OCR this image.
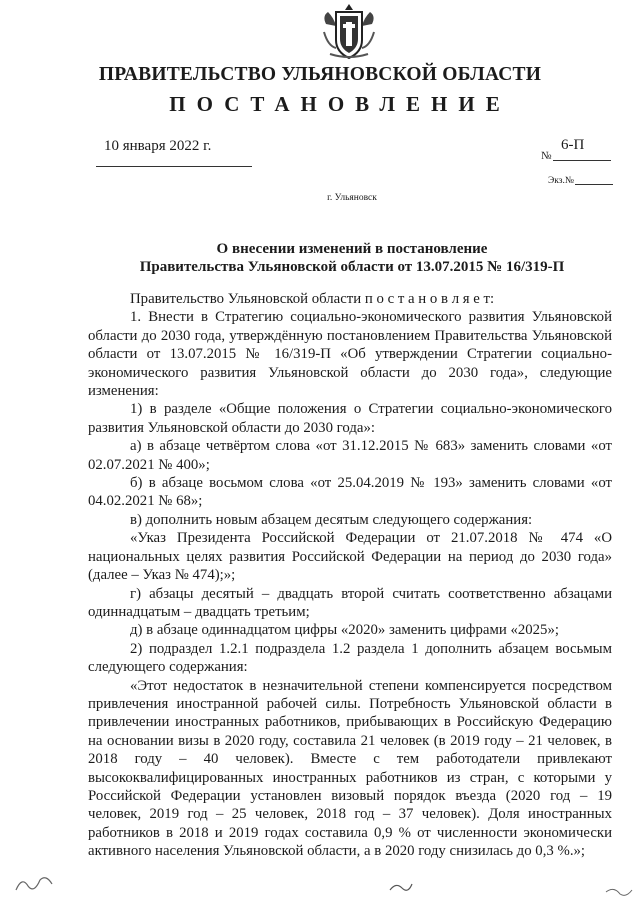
ПРАВИТЕЛЬСТВО УЛЬЯНОВСКОЙ ОБЛАСТИ
ПОСТАНОВЛЕНИЕ
10 января 2022 г.
№
6-П
Экз.№
г. Ульяновск
О внесении изменений в постановление
Правительства Ульяновской области от 13.07.2015 № 16/319-П

Правительство Ульяновской области п о с т а н о в л я е т:

1. Внести в Стратегию социально-экономического развития Ульяновской области до 2030 года, утверждённую постановлением Правительства Ульяновской области от 13.07.2015 № 16/319-П «Об утверждении Стратегии социально-экономического развития Ульяновской области до 2030 года», следующие изменения:

1) в разделе «Общие положения о Стратегии социально-экономического развития Ульяновской области до 2030 года»:

а) в абзаце четвёртом слова «от 31.12.2015 № 683» заменить словами «от 02.07.2021 № 400»;

б) в абзаце восьмом слова «от 25.04.2019 № 193» заменить словами «от 04.02.2021 № 68»;

в) дополнить новым абзацем десятым следующего содержания:

«Указ Президента Российской Федерации от 21.07.2018 № 474 «О национальных целях развития Российской Федерации на период до 2030 года» (далее – Указ № 474);»;

г) абзацы десятый – двадцать второй считать соответственно абзацами одиннадцатым – двадцать третьим;

д) в абзаце одиннадцатом цифры «2020» заменить цифрами «2025»;

2) подраздел 1.2.1 подраздела 1.2 раздела 1 дополнить абзацем восьмым следующего содержания:

«Этот недостаток в незначительной степени компенсируется посредством привлечения иностранной рабочей силы. Потребность Ульяновской области в привлечении иностранных работников, прибывающих в Российскую Федерацию на основании визы в 2020 году, составила 21 человек (в 2019 году – 21 человек, в 2018 году – 40 человек). Вместе с тем работодатели привлекают высококвалифицированных иностранных работников из стран, с которыми у Российской Федерации установлен визовый порядок въезда (2020 год – 19 человек, 2019 год – 25 человек, 2018 год – 37 человек). Доля иностранных работников в 2018 и 2019 годах составила 0,9 % от численности экономически активного населения Ульяновской области, а в 2020 году снизилась до 0,3 %.»;
